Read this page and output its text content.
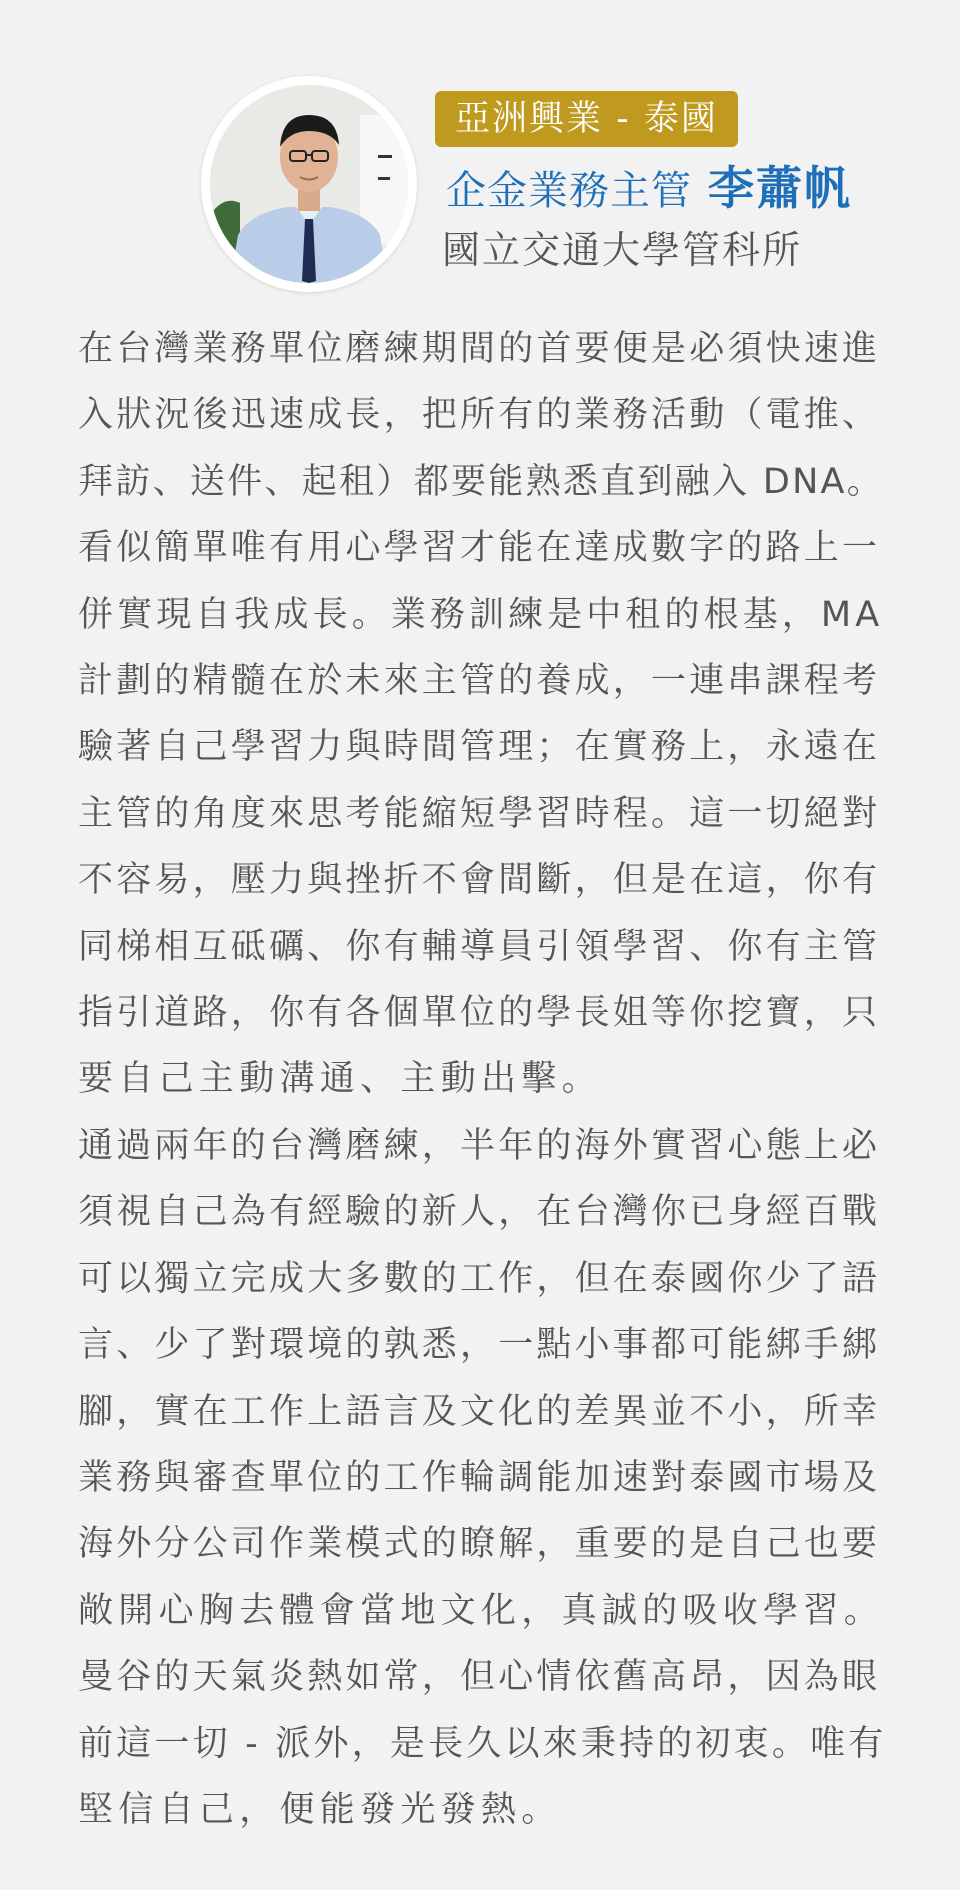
亞洲興業 - 泰國
企金業務主管 李蕭帆
國立交通大學管科所
在台灣業務單位磨練期間的首要便是必須快速進
入狀況後迅速成長，把所有的業務活動（電推、
拜訪、送件、起租）都要能熟悉直到融入 DNA。
看似簡單唯有用心學習才能在達成數字的路上一
併實現自我成長。業務訓練是中租的根基，MA
計劃的精髓在於未來主管的養成，一連串課程考
驗著自己學習力與時間管理；在實務上，永遠在
主管的角度來思考能縮短學習時程。這一切絕對
不容易，壓力與挫折不會間斷，但是在這，你有
同梯相互砥礪、你有輔導員引領學習、你有主管
指引道路，你有各個單位的學長姐等你挖寶，只
要自己主動溝通、主動出擊。
通過兩年的台灣磨練，半年的海外實習心態上必
須視自己為有經驗的新人，在台灣你已身經百戰
可以獨立完成大多數的工作，但在泰國你少了語
言、少了對環境的孰悉，一點小事都可能綁手綁
腳，實在工作上語言及文化的差異並不小，所幸
業務與審查單位的工作輪調能加速對泰國市場及
海外分公司作業模式的瞭解，重要的是自己也要
敞開心胸去體會當地文化，真誠的吸收學習。
曼谷的天氣炎熱如常，但心情依舊高昂，因為眼
前這一切 - 派外，是長久以來秉持的初衷。唯有
堅信自己，便能發光發熱。
